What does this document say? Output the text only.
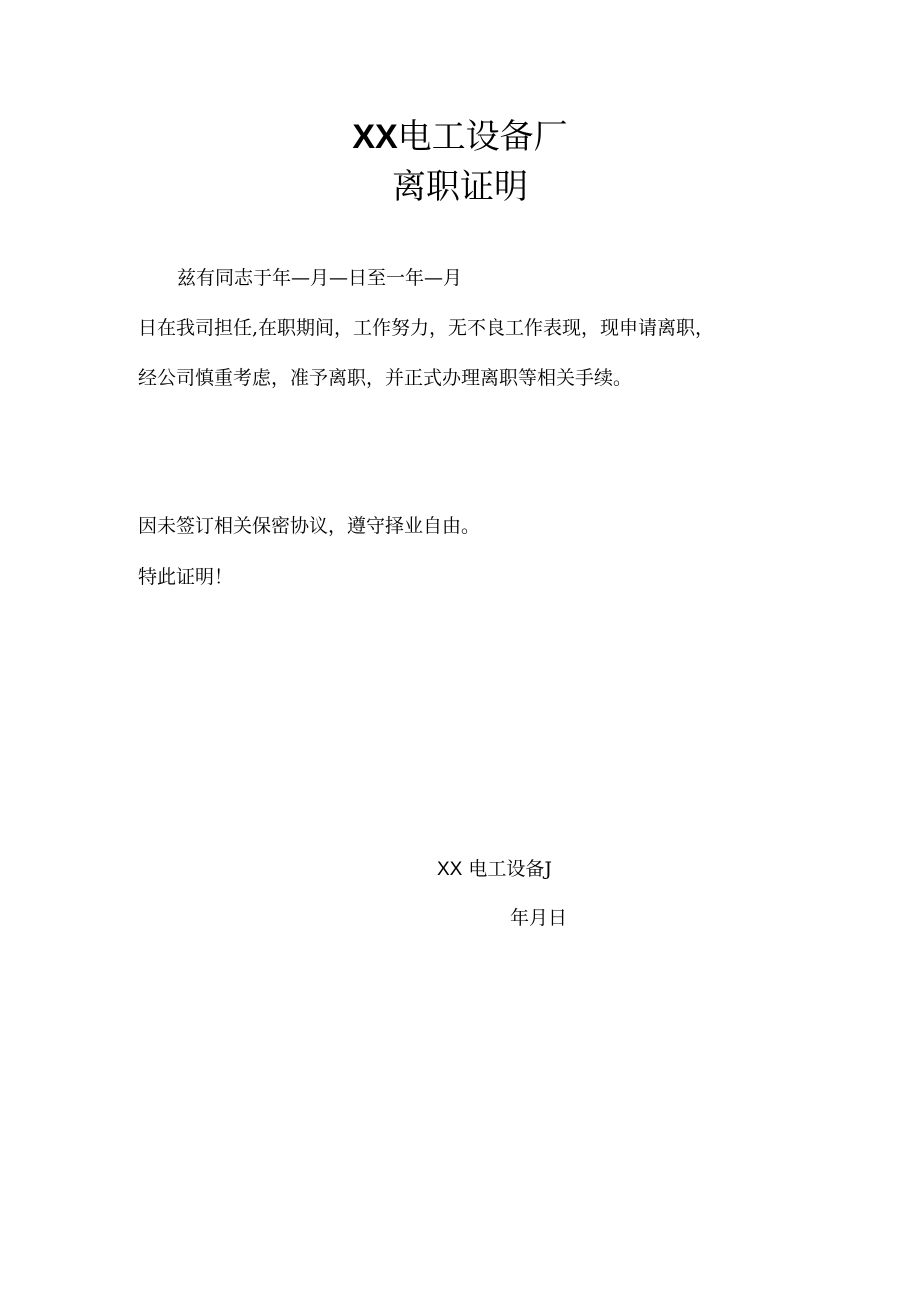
XX电工设备厂
离职证明
兹有同志于年—月—日至一年—月
日在我司担任,在职期间，工作努力，无不良工作表现，现申请离职，
经公司慎重考虑，准予离职，并正式办理离职等相关手续。
因未签订相关保密协议，遵守择业自由。
特此证明！
XX 电工设备J
年月日
